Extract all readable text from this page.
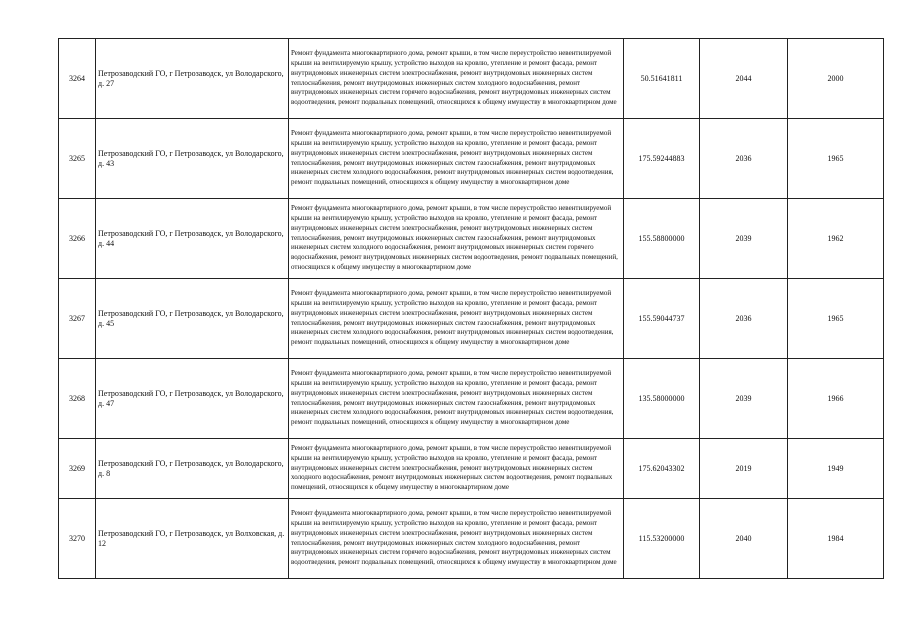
3264	Петрозаводский ГО, г Петрозаводск, ул Володарского, д. 27	Ремонт фундамента многоквартирного дома, ремонт крыши, в том числе переустройство невентилируемой крыши на вентилируемую крышу, устройство выходов на кровлю, утепление и ремонт фасада, ремонт внутридомовых инженерных систем электроснабжения, ремонт внутридомовых инженерных систем теплоснабжения, ремонт внутридомовых инженерных систем холодного водоснабжения, ремонт внутридомовых инженерных систем горячего водоснабжения, ремонт внутридомовых инженерных систем водоотведения, ремонт подвальных помещений, относящихся к общему имуществу в многоквартирном доме	50.51641811	2044	2000
3265	Петрозаводский ГО, г Петрозаводск, ул Володарского, д. 43	Ремонт фундамента многоквартирного дома, ремонт крыши, в том числе переустройство невентилируемой крыши на вентилируемую крышу, устройство выходов на кровлю, утепление и ремонт фасада, ремонт внутридомовых инженерных систем электроснабжения, ремонт внутридомовых инженерных систем теплоснабжения, ремонт внутридомовых инженерных систем газоснабжения, ремонт внутридомовых инженерных систем холодного водоснабжения, ремонт внутридомовых инженерных систем водоотведения, ремонт подвальных помещений, относящихся к общему имуществу в многоквартирном доме	175.59244883	2036	1965
3266	Петрозаводский ГО, г Петрозаводск, ул Володарского, д. 44	Ремонт фундамента многоквартирного дома, ремонт крыши, в том числе переустройство невентилируемой крыши на вентилируемую крышу, устройство выходов на кровлю, утепление и ремонт фасада, ремонт внутридомовых инженерных систем электроснабжения, ремонт внутридомовых инженерных систем теплоснабжения, ремонт внутридомовых инженерных систем газоснабжения, ремонт внутридомовых инженерных систем холодного водоснабжения, ремонт внутридомовых инженерных систем горячего водоснабжения, ремонт внутридомовых инженерных систем водоотведения, ремонт подвальных помещений, относящихся к общему имуществу в многоквартирном доме	155.58800000	2039	1962
3267	Петрозаводский ГО, г Петрозаводск, ул Володарского, д. 45	Ремонт фундамента многоквартирного дома, ремонт крыши, в том числе переустройство невентилируемой крыши на вентилируемую крышу, устройство выходов на кровлю, утепление и ремонт фасада, ремонт внутридомовых инженерных систем электроснабжения, ремонт внутридомовых инженерных систем теплоснабжения, ремонт внутридомовых инженерных систем газоснабжения, ремонт внутридомовых инженерных систем холодного водоснабжения, ремонт внутридомовых инженерных систем водоотведения, ремонт подвальных помещений, относящихся к общему имуществу в многоквартирном доме	155.59044737	2036	1965
3268	Петрозаводский ГО, г Петрозаводск, ул Володарского, д. 47	Ремонт фундамента многоквартирного дома, ремонт крыши, в том числе переустройство невентилируемой крыши на вентилируемую крышу, устройство выходов на кровлю, утепление и ремонт фасада, ремонт внутридомовых инженерных систем электроснабжения, ремонт внутридомовых инженерных систем теплоснабжения, ремонт внутридомовых инженерных систем газоснабжения, ремонт внутридомовых инженерных систем холодного водоснабжения, ремонт внутридомовых инженерных систем водоотведения, ремонт подвальных помещений, относящихся к общему имуществу в многоквартирном доме	135.58000000	2039	1966
3269	Петрозаводский ГО, г Петрозаводск, ул Володарского, д. 8	Ремонт фундамента многоквартирного дома, ремонт крыши, в том числе переустройство невентилируемой крыши на вентилируемую крышу, устройство выходов на кровлю, утепление и ремонт фасада, ремонт внутридомовых инженерных систем электроснабжения, ремонт внутридомовых инженерных систем холодного водоснабжения, ремонт внутридомовых инженерных систем водоотведения, ремонт подвальных помещений, относящихся к общему имуществу в многоквартирном доме	175.62043302	2019	1949
3270	Петрозаводский ГО, г Петрозаводск, ул Волховская, д. 12	Ремонт фундамента многоквартирного дома, ремонт крыши, в том числе переустройство невентилируемой крыши на вентилируемую крышу, устройство выходов на кровлю, утепление и ремонт фасада, ремонт внутридомовых инженерных систем электроснабжения, ремонт внутридомовых инженерных систем теплоснабжения, ремонт внутридомовых инженерных систем холодного водоснабжения, ремонт внутридомовых инженерных систем горячего водоснабжения, ремонт внутридомовых инженерных систем водоотведения, ремонт подвальных помещений, относящихся к общему имуществу в многоквартирном доме	115.53200000	2040	1984
